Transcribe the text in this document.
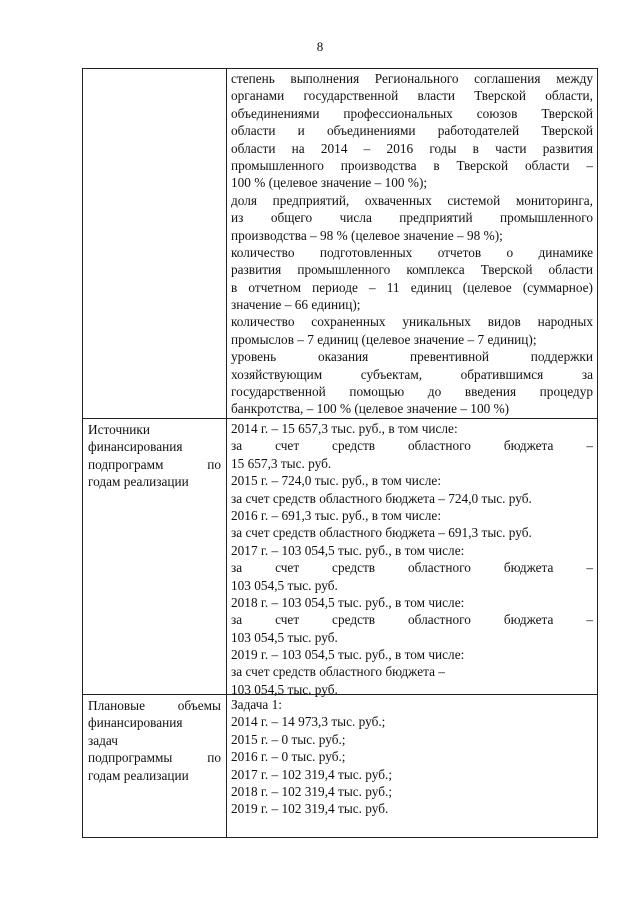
8
степень выполнения Регионального соглашения между
органами государственной власти Тверской области,
объединениями профессиональных союзов Тверской
области и объединениями работодателей Тверской
области на 2014 – 2016 годы в части развития
промышленного производства в Тверской области –
100 % (целевое значение – 100 %);
доля предприятий, охваченных системой мониторинга,
из общего числа предприятий промышленного
производства – 98 % (целевое значение – 98 %);
количество подготовленных отчетов о динамике
развития промышленного комплекса Тверской области
в отчетном периоде – 11 единиц (целевое (суммарное)
значение – 66 единиц);
количество сохраненных уникальных видов народных
промыслов – 7 единиц (целевое значение – 7 единиц);
уровень оказания превентивной поддержки
хозяйствующим субъектам, обратившимся за
государственной помощью до введения процедур
банкротства, – 100 % (целевое значение – 100 %)
Источники
финансирования
подпрограмм по
годам реализации
2014 г. – 15 657,3 тыс. руб., в том числе:
за счет средств областного бюджета –
15 657,3 тыс. руб.
2015 г. – 724,0 тыс. руб., в том числе:
за счет средств областного бюджета – 724,0 тыс. руб.
2016 г. – 691,3 тыс. руб., в том числе:
за счет средств областного бюджета – 691,3 тыс. руб.
2017 г. – 103 054,5 тыс. руб., в том числе:
за счет средств областного бюджета –
103 054,5 тыс. руб.
2018 г. – 103 054,5 тыс. руб., в том числе:
за счет средств областного бюджета –
103 054,5 тыс. руб.
2019 г. – 103 054,5 тыс. руб., в том числе:
за счет средств областного бюджета –
103 054,5 тыс. руб.
Плановые объемы
финансирования
задач
подпрограммы по
годам реализации
Задача 1:
2014 г. – 14 973,3 тыс. руб.;
2015 г. – 0 тыс. руб.;
2016 г. – 0 тыс. руб.;
2017 г. – 102 319,4 тыс. руб.;
2018 г. – 102 319,4 тыс. руб.;
2019 г. – 102 319,4 тыс. руб.
